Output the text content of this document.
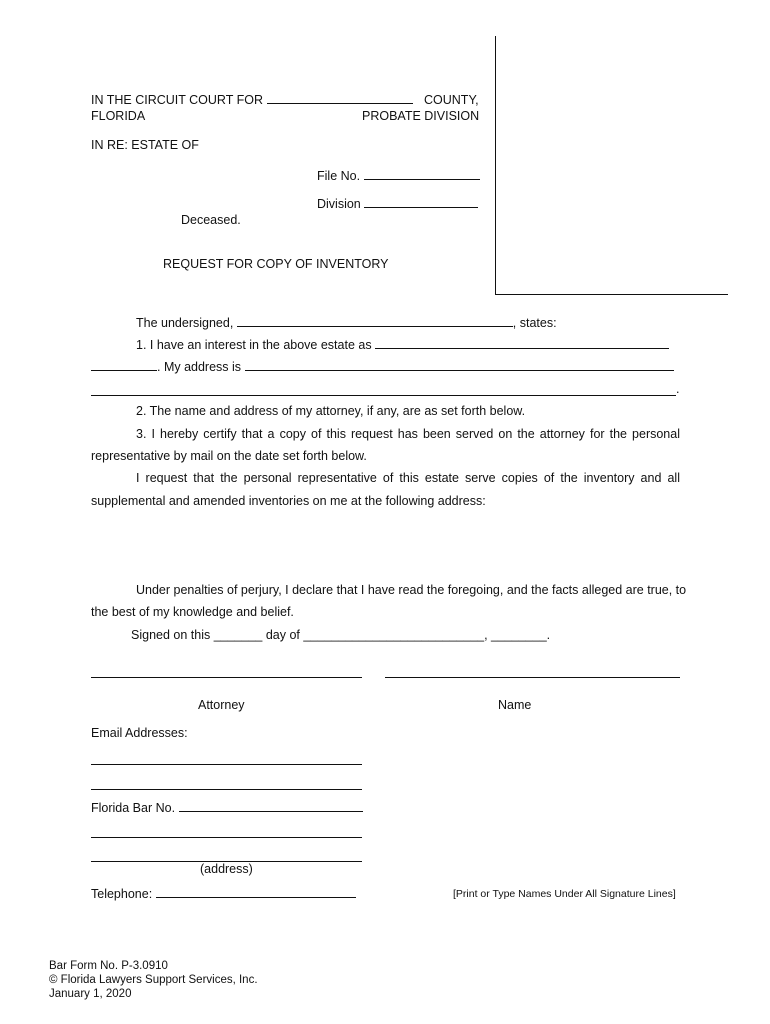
IN THE CIRCUIT COURT FOR	COUNTY,
FLORIDA	PROBATE DIVISION
IN RE: ESTATE OF
File No.
Division
Deceased.
REQUEST FOR COPY OF INVENTORY
The undersigned,	, states:
1. I have an interest in the above estate as
. My address is
.
2. The name and address of my attorney, if any, are as set forth below.
3. I hereby certify that a copy of this request has been served on the attorney for the personal
representative by mail on the date set forth below.
I request that the personal representative of this estate serve copies of the inventory and all
supplemental and amended inventories on me at the following address:
Under penalties of perjury, I declare that I have read the foregoing, and the facts alleged are true, to
the best of my knowledge and belief.
Signed on this _______ day of __________________________, ________.
Attorney	Name
Email Addresses:
Florida Bar No.
(address)
Telephone:	[Print or Type Names Under All Signature Lines]
Bar Form No. P-3.0910
© Florida Lawyers Support Services, Inc.
January 1, 2020
